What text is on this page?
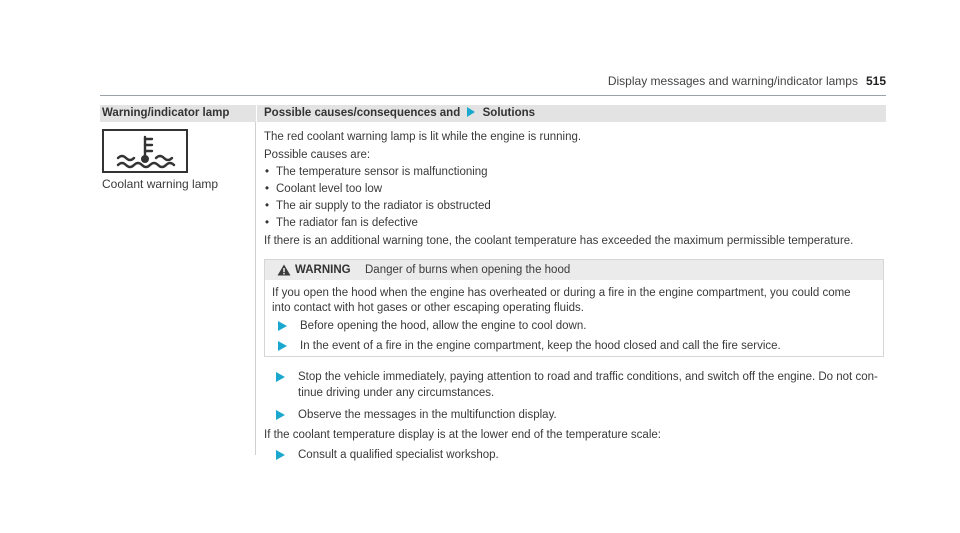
Display messages and warning/indicator lamps 515
Warning/indicator lamp	Possible causes/consequences and Solutions
Coolant warning lamp
The red coolant warning lamp is lit while the engine is running.
Possible causes are:
• The temperature sensor is malfunctioning
• Coolant level too low
• The air supply to the radiator is obstructed
• The radiator fan is defective
If there is an additional warning tone, the coolant temperature has exceeded the maximum permissible temperature.
WARNING Danger of burns when opening the hood
If you open the hood when the engine has overheated or during a fire in the engine compartment, you could come
into contact with hot gases or other escaping operating fluids.
Before opening the hood, allow the engine to cool down.
In the event of a fire in the engine compartment, keep the hood closed and call the fire service.
Stop the vehicle immediately, paying attention to road and traffic conditions, and switch off the engine. Do not con-
tinue driving under any circumstances.
Observe the messages in the multifunction display.
If the coolant temperature display is at the lower end of the temperature scale:
Consult a qualified specialist workshop.
